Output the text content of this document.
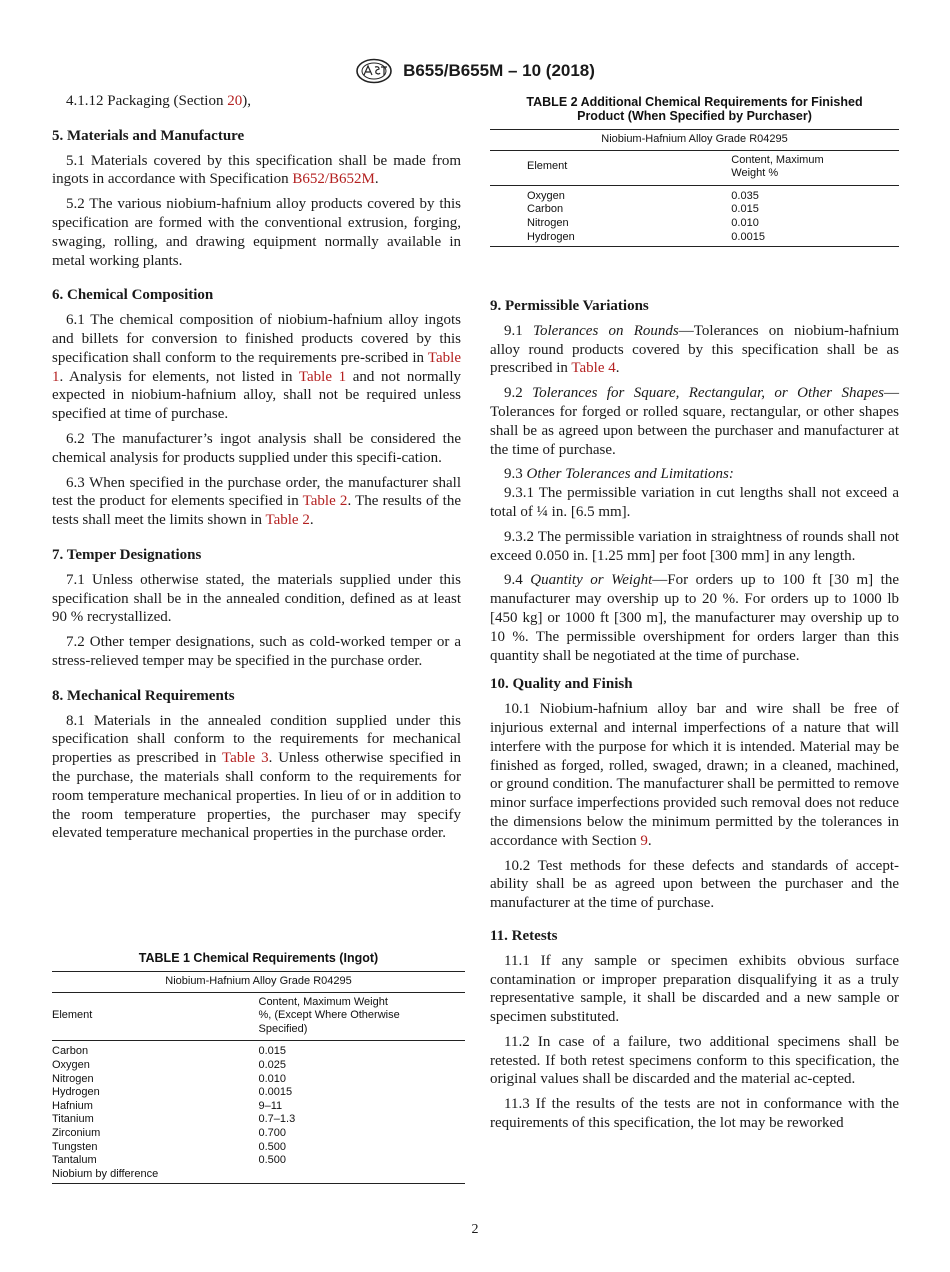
B655/B655M – 10 (2018)

4.1.12 Packaging (Section 20),

5. Materials and Manufacture

5.1 Materials covered by this specification shall be made from ingots in accordance with Specification B652/B652M.

5.2 The various niobium-hafnium alloy products covered by this specification are formed with the conventional extrusion, forging, swaging, rolling, and drawing equipment normally available in metal working plants.

6. Chemical Composition

6.1 The chemical composition of niobium-hafnium alloy ingots and billets for conversion to finished products covered by this specification shall conform to the requirements pre-scribed in Table 1. Analysis for elements, not listed in Table 1 and not normally expected in niobium-hafnium alloy, shall not be required unless specified at time of purchase.

6.2 The manufacturer’s ingot analysis shall be considered the chemical analysis for products supplied under this specifi-cation.

6.3 When specified in the purchase order, the manufacturer shall test the product for elements specified in Table 2. The results of the tests shall meet the limits shown in Table 2.

7. Temper Designations

7.1 Unless otherwise stated, the materials supplied under this specification shall be in the annealed condition, defined as at least 90 % recrystallized.

7.2 Other temper designations, such as cold-worked temper or a stress-relieved temper may be specified in the purchase order.

8. Mechanical Requirements

8.1 Materials in the annealed condition supplied under this specification shall conform to the requirements for mechanical properties as prescribed in Table 3. Unless otherwise specified in the purchase, the materials shall conform to the requirements for room temperature mechanical properties. In lieu of or in addition to the room temperature properties, the purchaser may specify elevated temperature mechanical properties in the purchase order.

TABLE 1 Chemical Requirements (Ingot)
Niobium-Hafnium Alloy Grade R04295	
Element	Content, Maximum Weight %, (Except Where Otherwise Specified)
Carbon	0.015
Oxygen	0.025
Nitrogen	0.010
Hydrogen	0.0015
Hafnium	9–11
Titanium	0.7–1.3
Zirconium	0.700
Tungsten	0.500
Tantalum	0.500
Niobium by difference	
TABLE 2 Additional Chemical Requirements for Finished
Product (When Specified by Purchaser)
Niobium-Hafnium Alloy Grade R04295	
Element	Content, Maximum Weight %
Oxygen	0.035
Carbon	0.015
Nitrogen	0.010
Hydrogen	0.0015
9. Permissible Variations

9.1 Tolerances on Rounds—Tolerances on niobium-hafnium alloy round products covered by this specification shall be as prescribed in Table 4.

9.2 Tolerances for Square, Rectangular, or Other Shapes—Tolerances for forged or rolled square, rectangular, or other shapes shall be as agreed upon between the purchaser and manufacturer at the time of purchase.

9.3 Other Tolerances and Limitations:

9.3.1 The permissible variation in cut lengths shall not exceed a total of ¼ in. [6.5 mm].

9.3.2 The permissible variation in straightness of rounds shall not exceed 0.050 in. [1.25 mm] per foot [300 mm] in any length.

9.4 Quantity or Weight—For orders up to 100 ft [30 m] the manufacturer may overship up to 20 %. For orders up to 1000 lb [450 kg] or 1000 ft [300 m], the manufacturer may overship up to 10 %. The permissible overshipment for orders larger than this quantity shall be negotiated at the time of purchase.

10. Quality and Finish

10.1 Niobium-hafnium alloy bar and wire shall be free of injurious external and internal imperfections of a nature that will interfere with the purpose for which it is intended. Material may be finished as forged, rolled, swaged, drawn; in a cleaned, machined, or ground condition. The manufacturer shall be permitted to remove minor surface imperfections provided such removal does not reduce the dimensions below the minimum permitted by the tolerances in accordance with Section 9.

10.2 Test methods for these defects and standards of accept-ability shall be as agreed upon between the purchaser and the manufacturer at the time of purchase.

11. Retests

11.1 If any sample or specimen exhibits obvious surface contamination or improper preparation disqualifying it as a truly representative sample, it shall be discarded and a new sample or specimen substituted.

11.2 In case of a failure, two additional specimens shall be retested. If both retest specimens conform to this specification, the original values shall be discarded and the material ac-cepted.

11.3 If the results of the tests are not in conformance with the requirements of this specification, the lot may be reworked

2
